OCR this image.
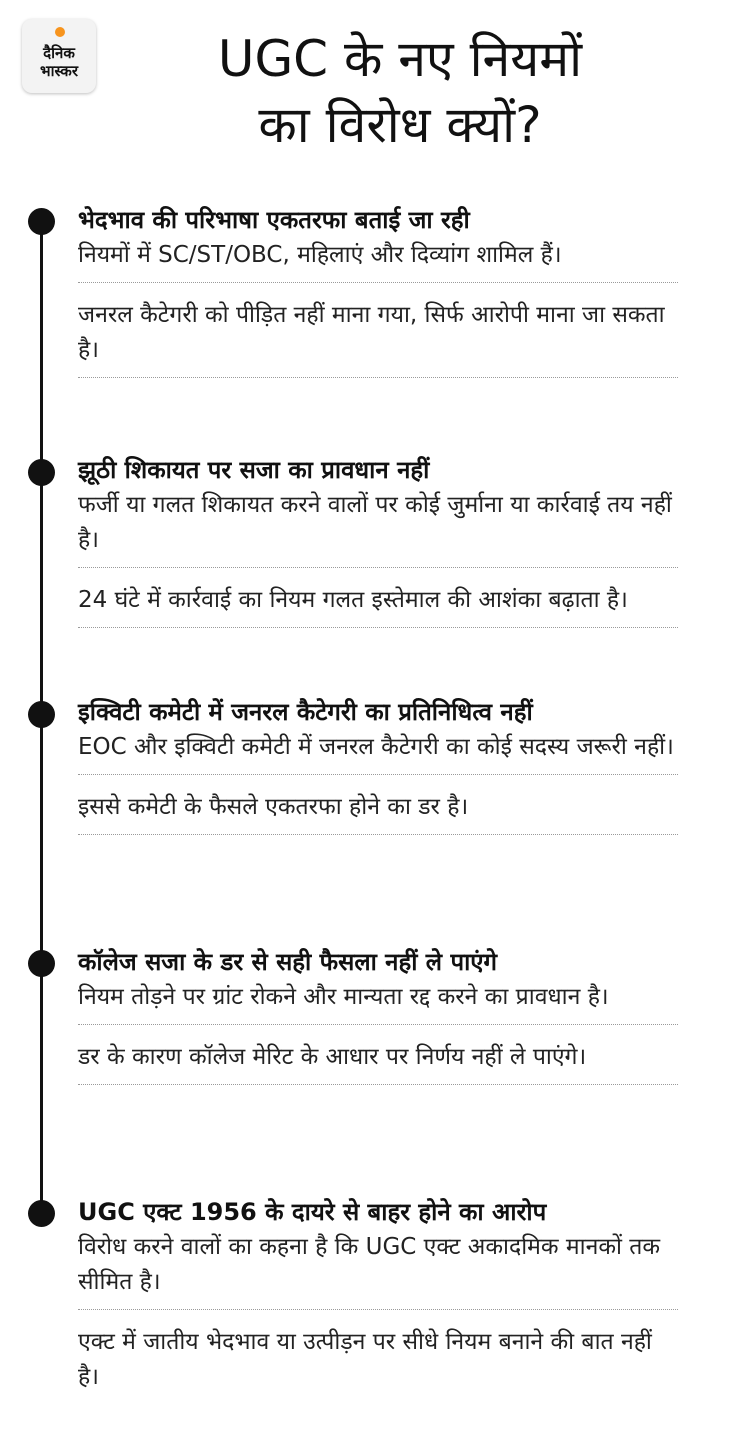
दैनिक
भास्कर	UGC के नए नियमों
का विरोध क्यों?
भेदभाव की परिभाषा एकतरफा बताई जा रही
नियमों में SC/ST/OBC, महिलाएं और दिव्यांग शामिल हैं।
जनरल कैटेगरी को पीड़ित नहीं माना गया, सिर्फ आरोपी माना जा सकता है।
झूठी शिकायत पर सजा का प्रावधान नहीं
फर्जी या गलत शिकायत करने वालों पर कोई जुर्माना या कार्रवाई तय नहीं है।
24 घंटे में कार्रवाई का नियम गलत इस्तेमाल की आशंका बढ़ाता है।
इक्विटी कमेटी में जनरल कैटेगरी का प्रतिनिधित्व नहीं
EOC और इक्विटी कमेटी में जनरल कैटेगरी का कोई सदस्य जरूरी नहीं।
इससे कमेटी के फैसले एकतरफा होने का डर है।
कॉलेज सजा के डर से सही फैसला नहीं ले पाएंगे
नियम तोड़ने पर ग्रांट रोकने और मान्यता रद्द करने का प्रावधान है।
डर के कारण कॉलेज मेरिट के आधार पर निर्णय नहीं ले पाएंगे।
UGC एक्ट 1956 के दायरे से बाहर होने का आरोप
विरोध करने वालों का कहना है कि UGC एक्ट अकादमिक मानकों तक सीमित है।
एक्ट में जातीय भेदभाव या उत्पीड़न पर सीधे नियम बनाने की बात नहीं है।
